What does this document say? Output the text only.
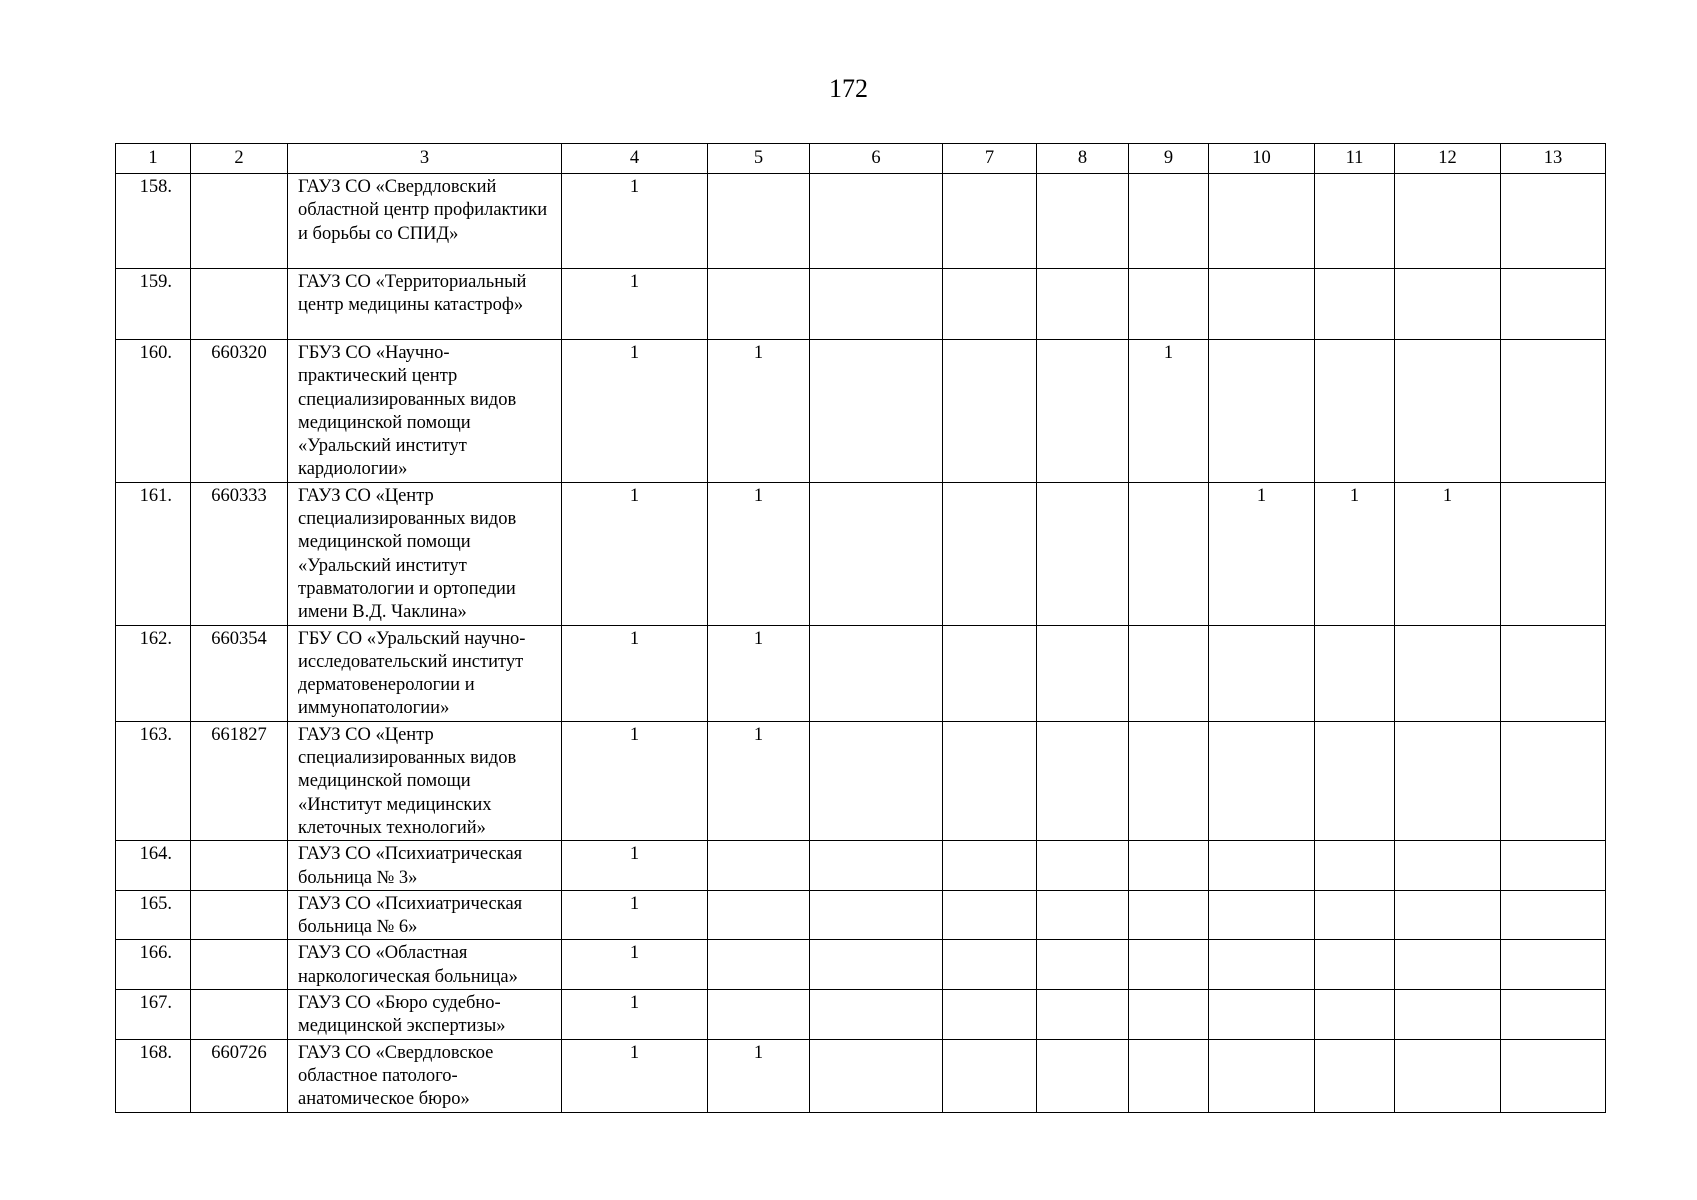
172
1	2	3	4	5	6	7	8	9	10	11	12	13
158.		ГАУЗ СО «Свердловский областной центр профилактики и борьбы со СПИД»	1									
159.		ГАУЗ СО «Территориальный центр медицины катастроф»	1									
160.	660320	ГБУЗ СО «Научно-практический центр специализированных видов медицинской помощи «Уральский институт кардиологии»	1	1				1				
161.	660333	ГАУЗ СО «Центр специализированных видов медицинской помощи «Уральский институт травматологии и ортопедии имени В.Д. Чаклина»	1	1					1	1	1	
162.	660354	ГБУ СО «Уральский научно-исследовательский институт дерматовенерологии и иммунопатологии»	1	1								
163.	661827	ГАУЗ СО «Центр специализированных видов медицинской помощи «Институт медицинских клеточных технологий»	1	1								
164.		ГАУЗ СО «Психиатрическая больница № 3»	1									
165.		ГАУЗ СО «Психиатрическая больница № 6»	1									
166.		ГАУЗ СО «Областная наркологическая больница»	1									
167.		ГАУЗ СО «Бюро судебно-медицинской экспертизы»	1									
168.	660726	ГАУЗ СО «Свердловское областное патолого-анатомическое бюро»	1	1								
